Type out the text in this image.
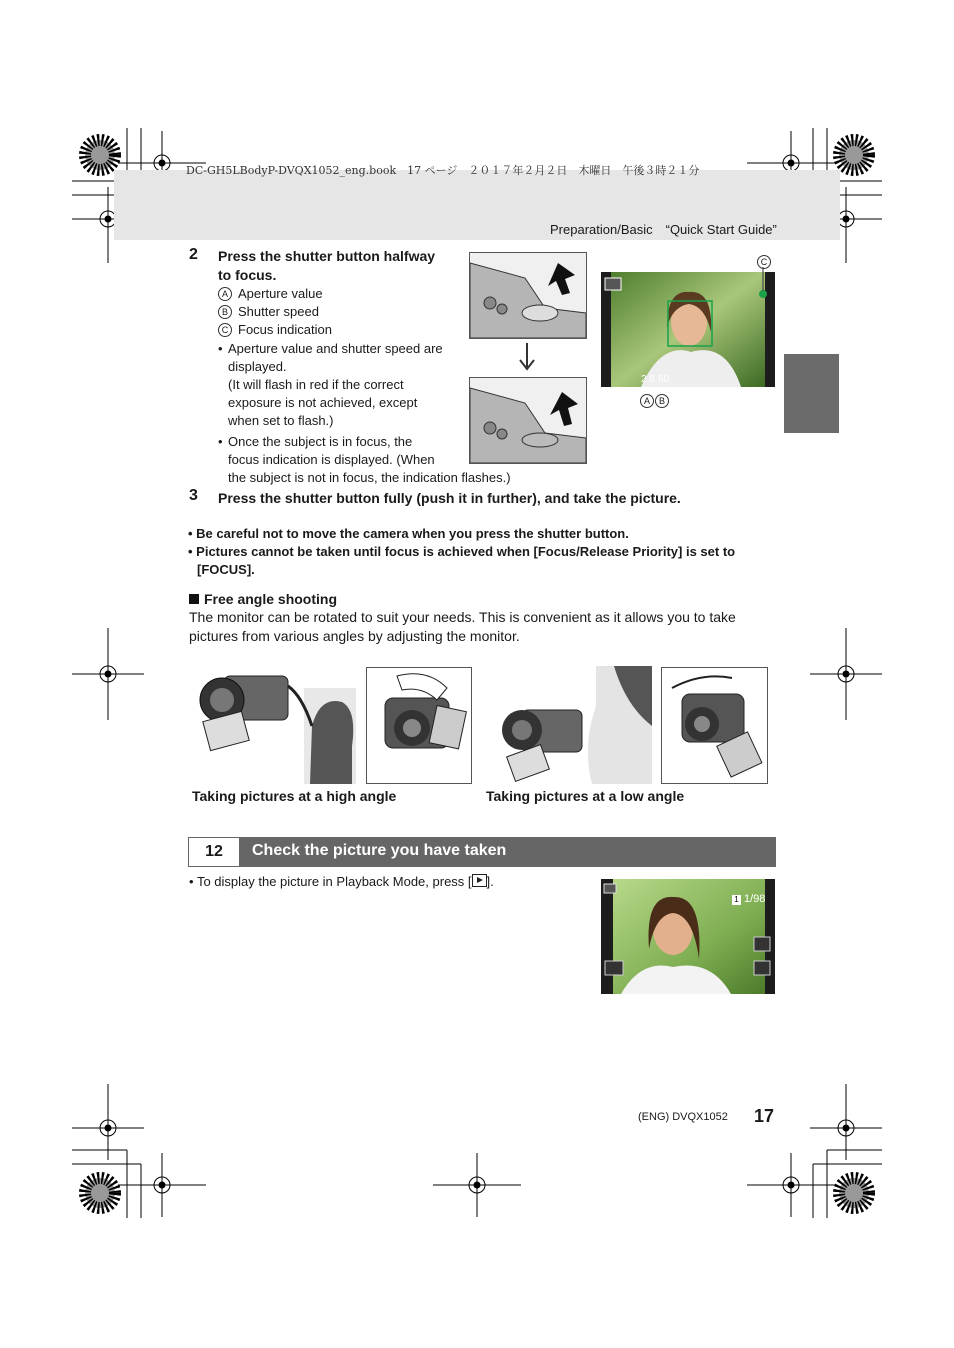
DC-GH5LBodyP-DVQX1052_eng.book　17 ページ　２０１７年２月２日　木曜日　午後３時２１分
Preparation/Basic　“Quick Start Guide”
2 Press the shutter button halfway
to focus.
A Aperture value
B Shutter speed
C Focus indication
• Aperture value and shutter speed are
displayed.
(It will flash in red if the correct
exposure is not achieved, except
when set to flash.)
• Once the subject is in focus, the
focus indication is displayed. (When
the subject is not in focus, the indication flashes.)
2.8 60
C
A B
3 Press the shutter button fully (push it in further), and take the picture.
• Be careful not to move the camera when you press the shutter button.
• Pictures cannot be taken until focus is achieved when [Focus/Release Priority] is set to
[FOCUS].
Free angle shooting
The monitor can be rotated to suit your needs. This is convenient as it allows you to take
pictures from various angles by adjusting the monitor.
Taking pictures at a high angle	Taking pictures at a low angle
12	Check the picture you have taken
• To display the picture in Playback Mode, press [ ].
1 1/98
(ENG) DVQX1052 17
